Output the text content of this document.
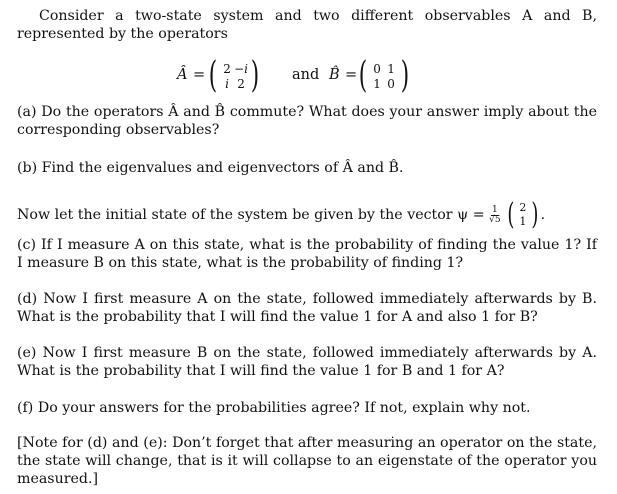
Consider a two-state system and two different observables A and B, represented by the operators
Â = ( 2 −i
i 2 ) and B̂ = ( 0 1
1 0 )
(a) Do the operators Â and B̂ commute? What does your answer imply about the corresponding observables?
(b) Find the eigenvalues and eigenvectors of Â and B̂.
Now let the initial state of the system be given by the vector $\psi = \frac{1}{√5}$
( 2
1 ) .
(c) If I measure A on this state, what is the probability of finding the value 1? If I measure B on this state, what is the probability of finding 1?
(d) Now I first measure A on the state, followed immediately afterwards by B. What is the probability that I will find the value 1 for A and also 1 for B?
(e) Now I first measure B on the state, followed immediately afterwards by A. What is the probability that I will find the value 1 for B and 1 for A?
(f) Do your answers for the probabilities agree? If not, explain why not.
[Note for (d) and (e): Don’t forget that after measuring an operator on the state, the state will change, that is it will collapse to an eigenstate of the operator you measured.]
